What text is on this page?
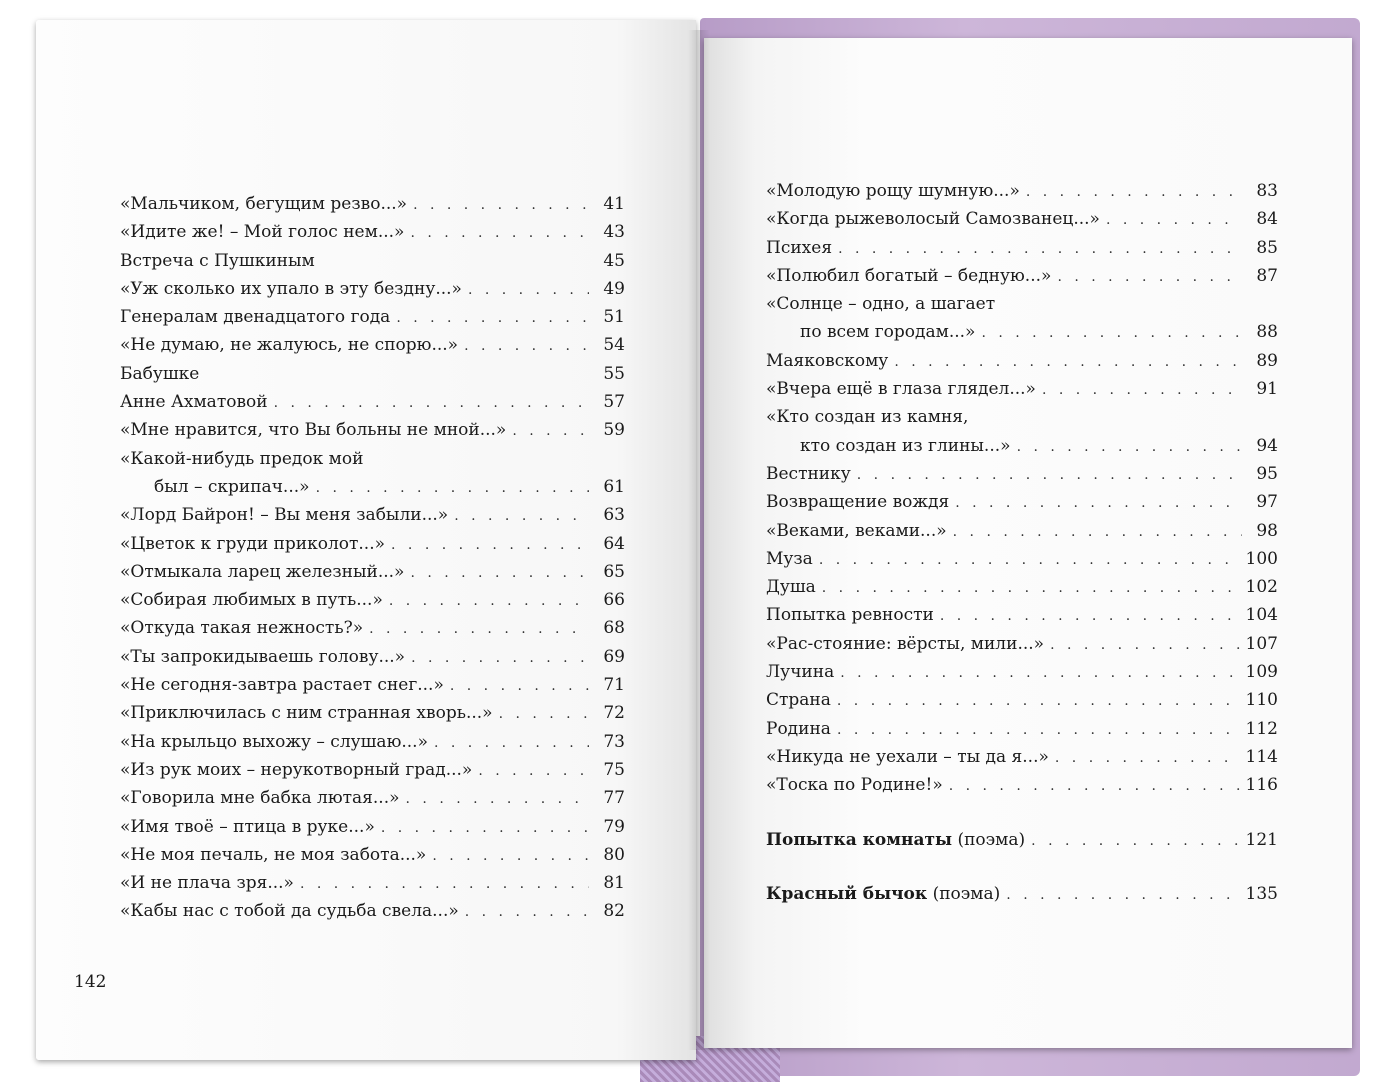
«Мальчиком, бегущим резво...» . . .	41
«Идите же! – Мой голос нем...» . . .	43
Встреча с Пушкиным	45
«Уж сколько их упало в эту бездну...» . . .	49
Генералам двенадцатого года . . .	51
«Не думаю, не жалуюсь, не спорю...» . . .	54
Бабушке	55
Анне Ахматовой . . .	57
«Мне нравится, что Вы больны не мной...» . . .	59
«Какой-нибудь предок мой
был – скрипач...» . . .	61
«Лорд Байрон! – Вы меня забыли...» . . .	63
«Цветок к груди приколот...» . . .	64
«Отмыкала ларец железный...» . . .	65
«Собирая любимых в путь...» . . .	66
«Откуда такая нежность?» . . .	68
«Ты запрокидываешь голову...» . . .	69
«Не сегодня-завтра растает снег...» . . .	71
«Приключилась с ним странная хворь...» . . .	72
«На крыльцо выхожу – слушаю...» . . .	73
«Из рук моих – нерукотворный град...» . . .	75
«Говорила мне бабка лютая...» . . .	77
«Имя твоё – птица в руке...» . . .	79
«Не моя печаль, не моя забота...» . . .	80
«И не плача зря...» . . .	81
«Кабы нас с тобой да судьба свела...» . . .	82
142
«Молодую рощу шумную...» . . .	83
«Когда рыжеволосый Самозванец...» . . .	84
Психея . . .	85
«Полюбил богатый – бедную...» . . .	87
«Солнце – одно, а шагает
по всем городам...» . . .	88
Маяковскому . . .	89
«Вчера ещё в глаза глядел...» . . .	91
«Кто создан из камня,
кто создан из глины...» . . .	94
Вестнику . . .	95
Возвращение вождя . . .	97
«Веками, веками...» . . .	98
Муза . . .	100
Душа . . .	102
Попытка ревности . . .	104
«Рас-стояние: вёрсты, мили...» . . .	107
Лучина . . .	109
Страна . . .	110
Родина . . .	112
«Никуда не уехали – ты да я...» . . .	114
«Тоска по Родине!» . . .	116
Попытка комнаты (поэма) . . .	121
Красный бычок (поэма) . . .	135
